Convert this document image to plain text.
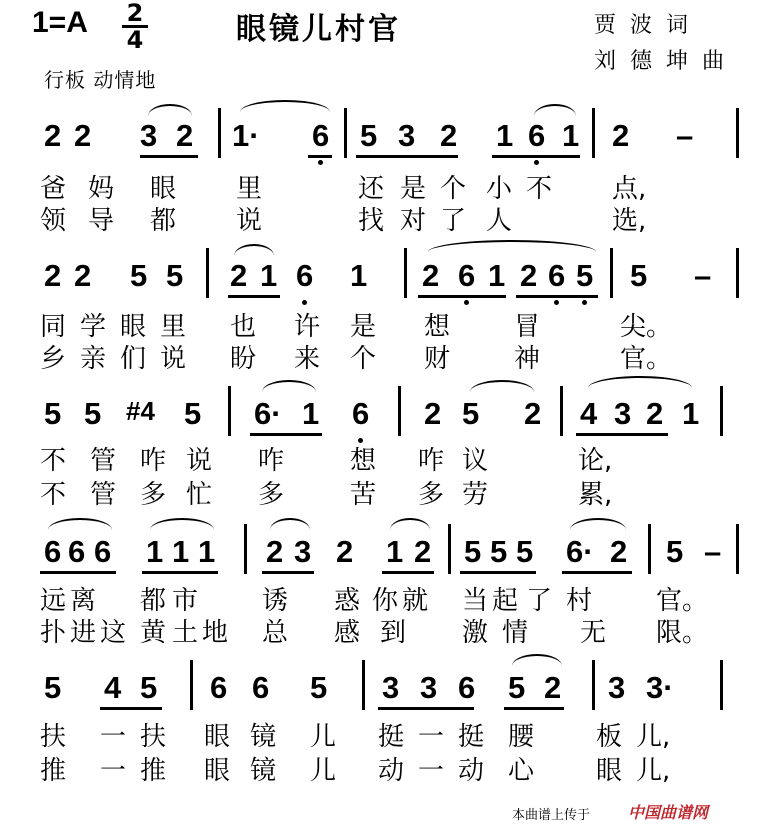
1=A 2
4	眼镜儿村官
行板 动情地
贾波词
刘德坤曲
2 2 3 2 1· 6 5 3 2 1 6 1 2 –
爸 妈 眼 里	还 是 个 小 不 点,
领 导 都 说	找 对 了 人	选,
2 2 5 5 2 1 6 1 2 6 1 2 6 5 5 –
同 学 眼 里 也 许 是 想 冒	尖。
乡 亲 们 说 盼 来 个 财 神	官。
5 5 #4 5 6· 1 6 2 5 2 4 3 2 1
不 管 咋 说 咋	想 咋 议	论,
不 管 多 忙 多	苦 多 劳	累,
6 6 6 1 1 1 2 3 2 1 2 5 5 5 6· 2 5 –
远 离 都 市 诱 惑 你 就 当 起 了 村 官。
扑 进 这 黄 土 地 总 感 到 激 情 无 限。
5 4 5 6 6 5 3 3 6 5 2 3 3·
扶 一 扶 眼 镜 儿 挺 一 挺 腰 板 儿,
推 一 推 眼 镜 儿 动 一 动 心 眼 儿,
本曲谱上传于 中国曲谱网
